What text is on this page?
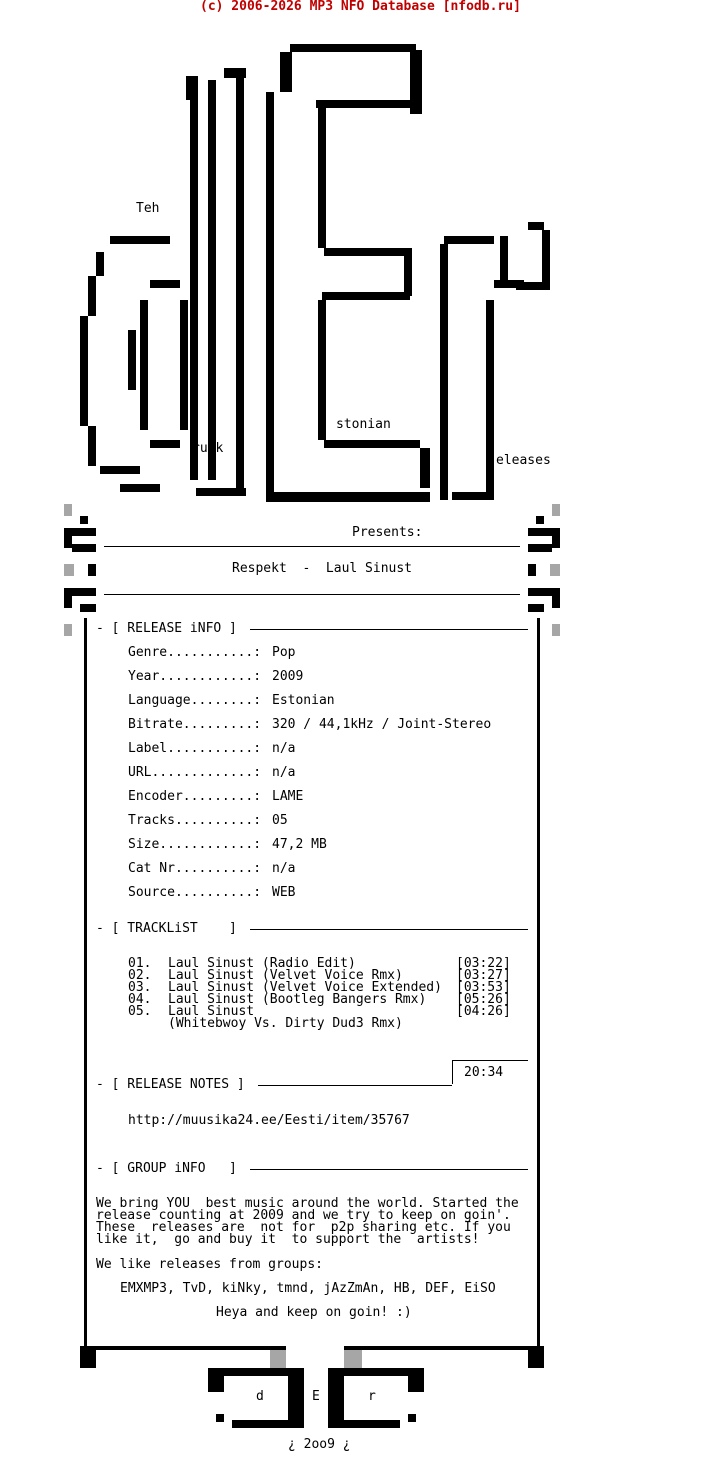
(c) 2006-2026 MP3 NFO Database [nfodb.ru]
Teh
runk
stonian
eleases
Presents:
Respekt  -  Laul Sinust
- [ RELEASE iNFO ]
Genre...........: Pop
Year............: 2009
Language........: Estonian
Bitrate.........: 320 / 44,1kHz / Joint-Stereo
Label...........: n/a
URL.............: n/a
Encoder.........: LAME
Tracks..........: 05
Size............: 47,2 MB
Cat Nr..........: n/a
Source..........: WEB
- [ TRACKLiST    ]
01. Laul Sinust (Radio Edit)	[03:22]
02. Laul Sinust (Velvet Voice Rmx)	[03:27]
03. Laul Sinust (Velvet Voice Extended) [03:53]
04. Laul Sinust (Bootleg Bangers Rmx) [05:26]
05. Laul Sinust	[04:26]
(Whitebwoy Vs. Dirty Dud3 Rmx)
20:34
- [ RELEASE NOTES ]
http://muusika24.ee/Eesti/item/35767
- [ GROUP iNFO   ]
We bring YOU  best music around the world. Started the
release counting at 2009 and we try to keep on goin'.
These  releases are  not for  p2p sharing etc. If you
like it,  go and buy it  to support the  artists!
We like releases from groups:
EMXMP3, TvD, kiNky, tmnd, jAzZmAn, HB, DEF, EiSO
Heya and keep on goin! :)
d	E	r
¿ 2oo9 ¿
